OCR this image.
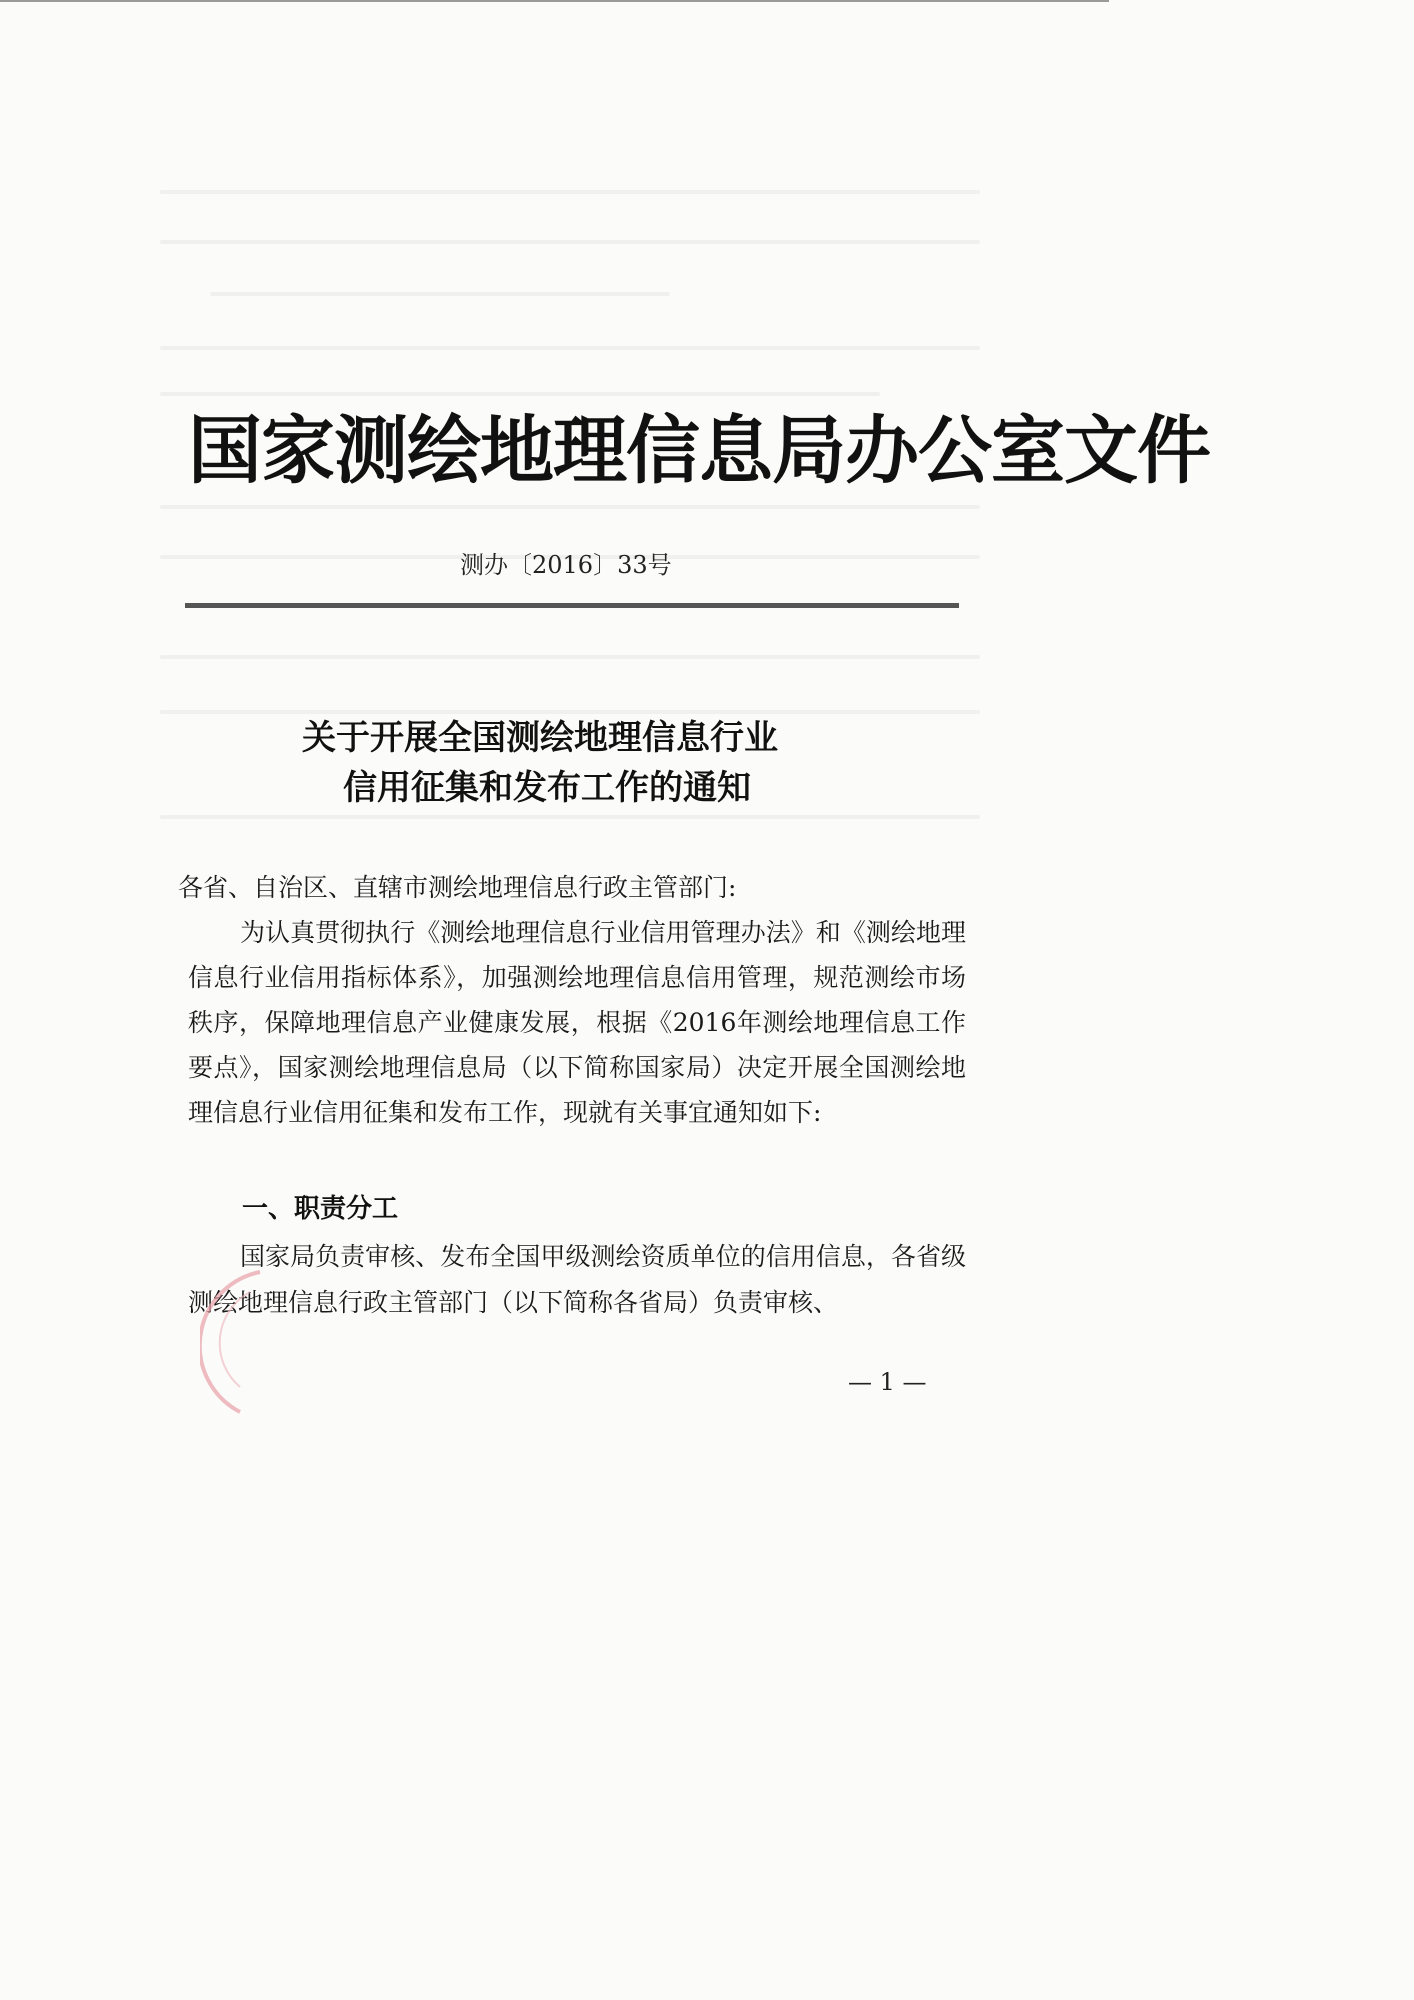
国家测绘地理信息局办公室文件
测办〔2016〕33号
关于开展全国测绘地理信息行业
信用征集和发布工作的通知
各省、自治区、直辖市测绘地理信息行政主管部门:

为认真贯彻执行《测绘地理信息行业信用管理办法》和《测绘地理信息行业信用指标体系》，加强测绘地理信息信用管理，规范测绘市场秩序，保障地理信息产业健康发展，根据《2016年测绘地理信息工作要点》，国家测绘地理信息局（以下简称国家局）决定开展全国测绘地理信息行业信用征集和发布工作，现就有关事宜通知如下:

一、职责分工

国家局负责审核、发布全国甲级测绘资质单位的信用信息，各省级测绘地理信息行政主管部门（以下简称各省局）负责审核、

— 1 —
